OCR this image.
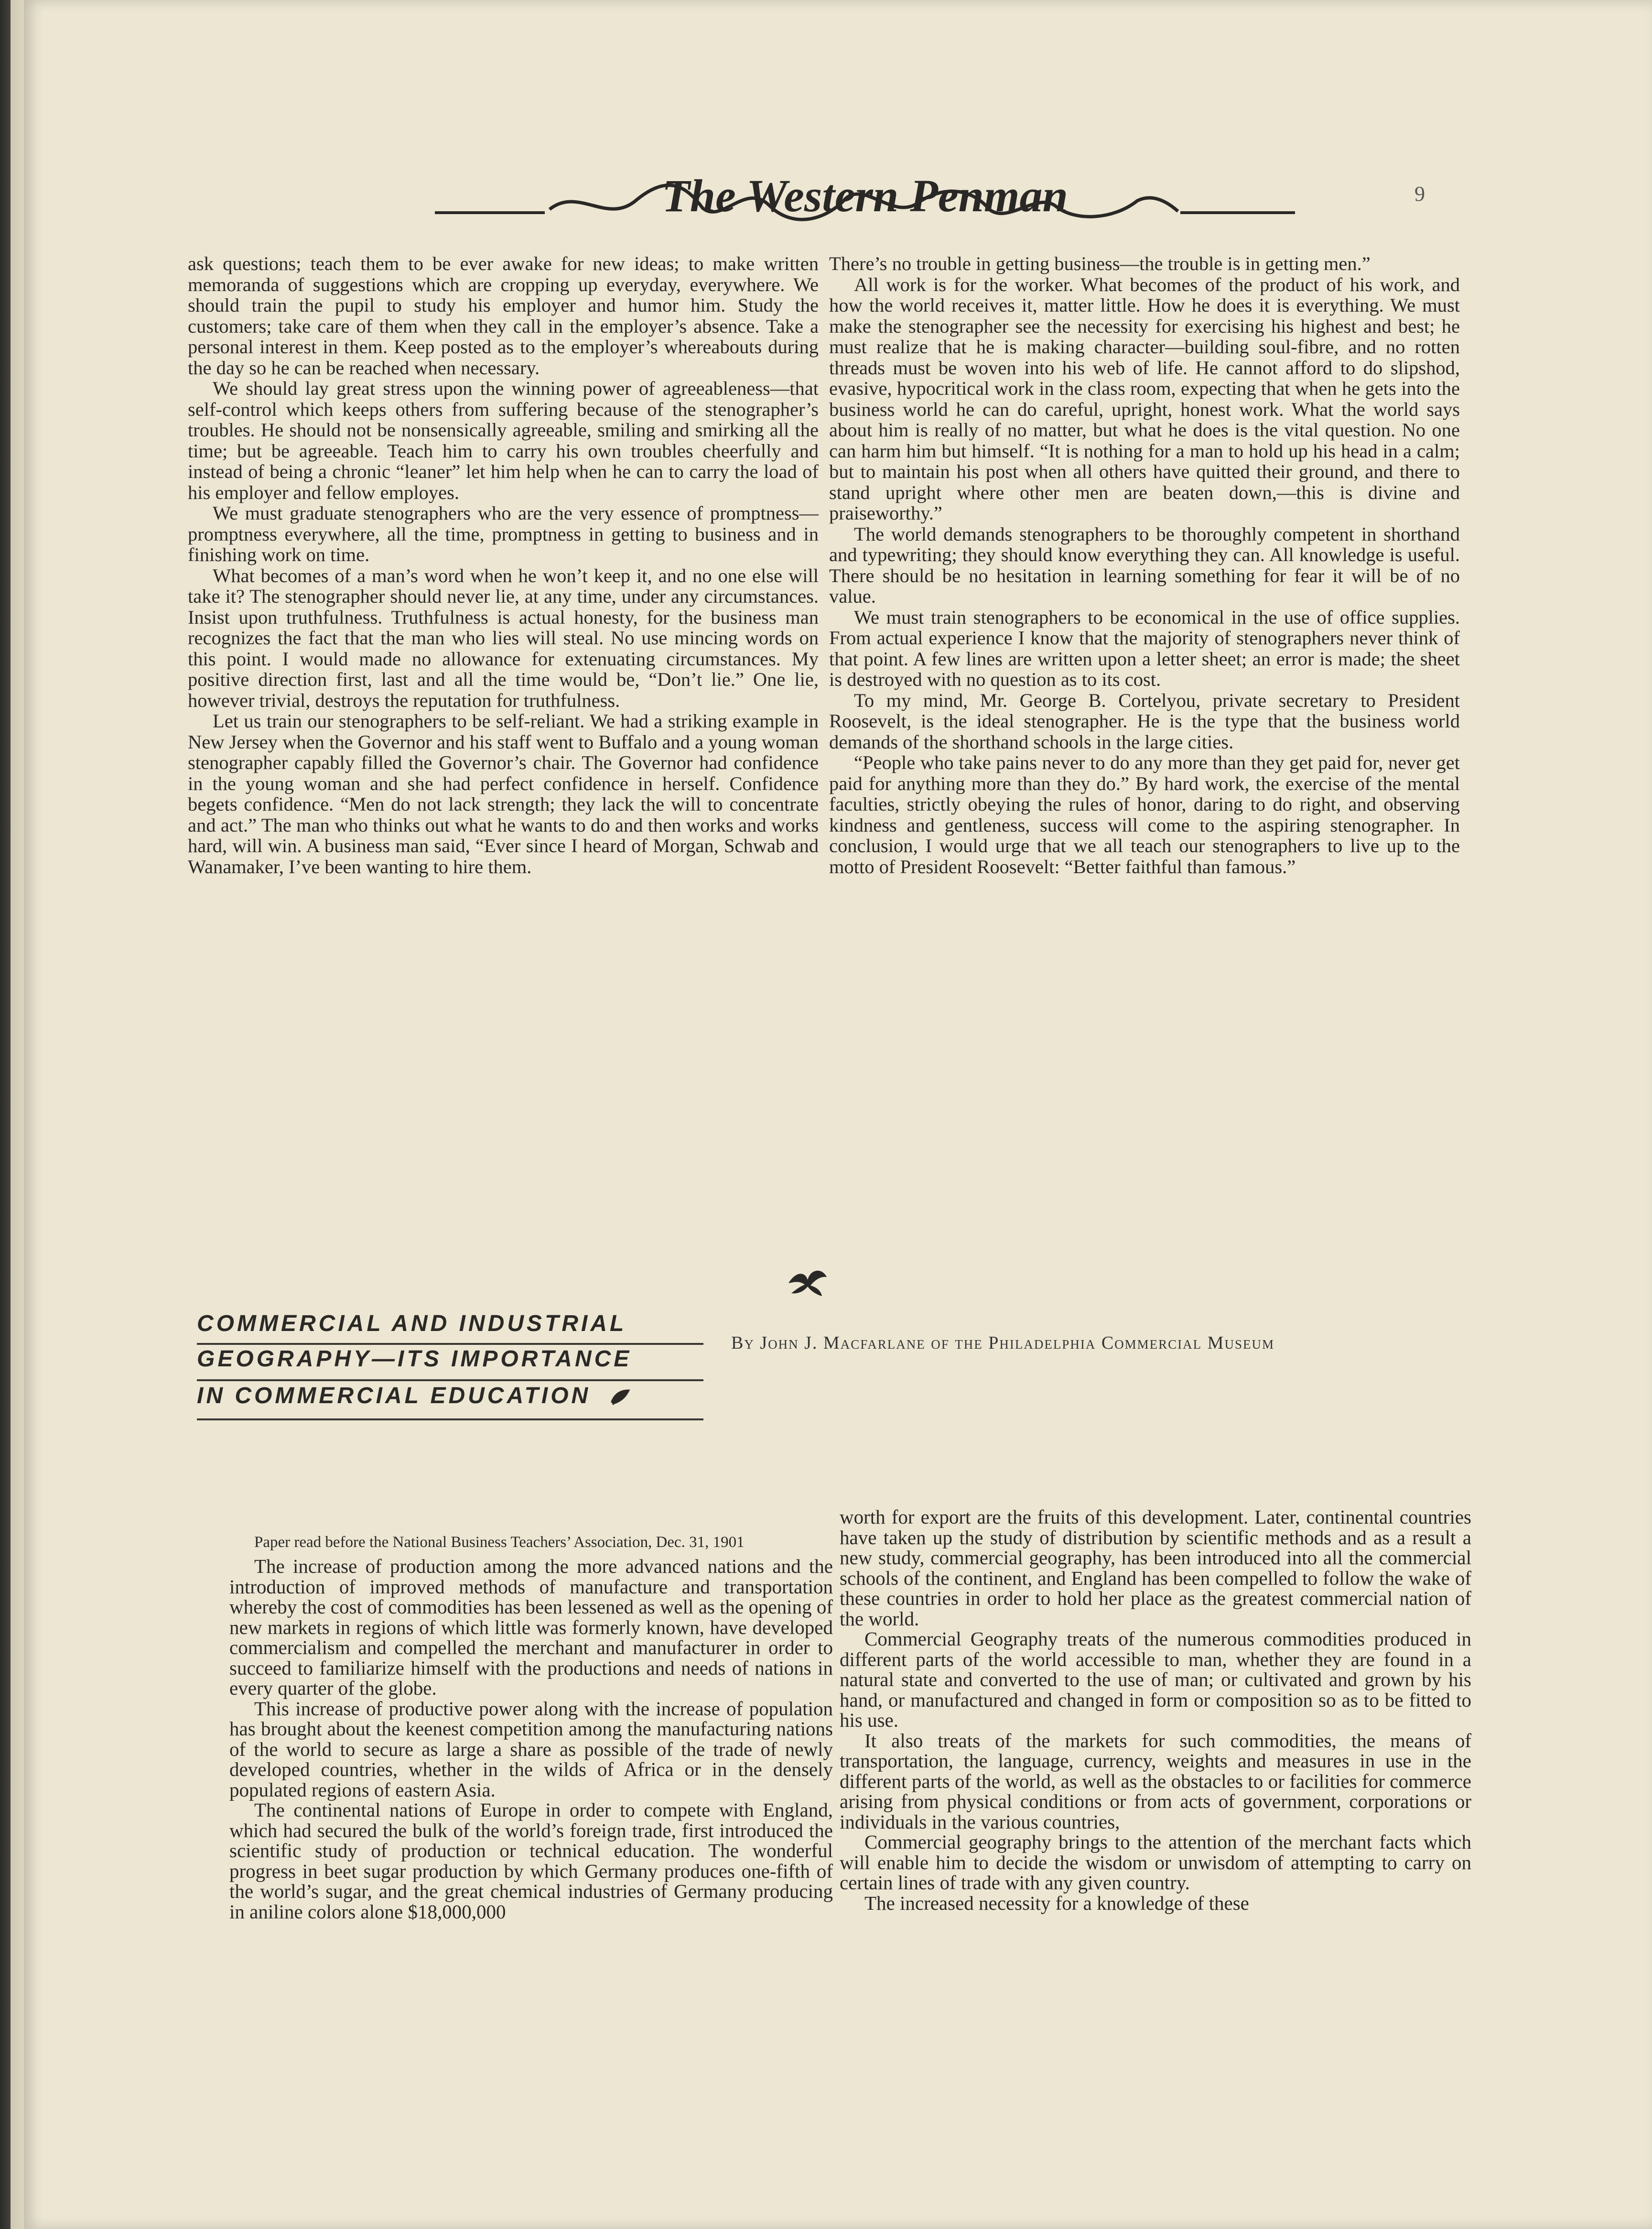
The Western Penman	9

ask questions; teach them to be ever awake for new ideas; to make written memoranda of suggestions which are cropping up everyday, everywhere. We should train the pupil to study his employer and humor him. Study the customers; take care of them when they call in the employer’s absence. Take a personal interest in them. Keep posted as to the employer’s whereabouts during the day so he can be reached when necessary.

We should lay great stress upon the winning power of agreeableness—that self-control which keeps others from suffering because of the stenographer’s troubles. He should not be nonsensically agreeable, smiling and smirking all the time; but be agreeable. Teach him to carry his own troubles cheerfully and instead of being a chronic “leaner” let him help when he can to carry the load of his employer and fellow employes.

We must graduate stenographers who are the very essence of promptness—promptness everywhere, all the time, promptness in getting to business and in finishing work on time.

What becomes of a man’s word when he won’t keep it, and no one else will take it? The stenographer should never lie, at any time, under any circumstances. Insist upon truthfulness. Truthfulness is actual honesty, for the business man recognizes the fact that the man who lies will steal. No use mincing words on this point. I would made no allowance for extenuating circumstances. My positive direction first, last and all the time would be, “Don’t lie.” One lie, however trivial, destroys the reputation for truthfulness.

Let us train our stenographers to be self-reliant. We had a striking example in New Jersey when the Governor and his staff went to Buffalo and a young woman stenographer capably filled the Governor’s chair. The Governor had confidence in the young woman and she had perfect confidence in herself. Confidence begets confidence. “Men do not lack strength; they lack the will to concentrate and act.” The man who thinks out what he wants to do and then works and works hard, will win. A business man said, “Ever since I heard of Morgan, Schwab and Wanamaker, I’ve been wanting to hire them.

There’s no trouble in getting business—the trouble is in getting men.”

All work is for the worker. What becomes of the product of his work, and how the world receives it, matter little. How he does it is everything. We must make the stenographer see the necessity for exercising his highest and best; he must realize that he is making character—building soul-fibre, and no rotten threads must be woven into his web of life. He cannot afford to do slipshod, evasive, hypocritical work in the class room, expecting that when he gets into the business world he can do careful, upright, honest work. What the world says about him is really of no matter, but what he does is the vital question. No one can harm him but himself. “It is nothing for a man to hold up his head in a calm; but to maintain his post when all others have quitted their ground, and there to stand upright where other men are beaten down,—this is divine and praiseworthy.”

The world demands stenographers to be thoroughly competent in shorthand and typewriting; they should know everything they can. All knowledge is useful. There should be no hesitation in learning something for fear it will be of no value.

We must train stenographers to be economical in the use of office supplies. From actual experience I know that the majority of stenographers never think of that point. A few lines are written upon a letter sheet; an error is made; the sheet is destroyed with no question as to its cost.

To my mind, Mr. George B. Cortelyou, private secretary to President Roosevelt, is the ideal stenographer. He is the type that the business world demands of the shorthand schools in the large cities.

“People who take pains never to do any more than they get paid for, never get paid for anything more than they do.” By hard work, the exercise of the mental faculties, strictly obeying the rules of honor, daring to do right, and observing kindness and gentleness, success will come to the aspiring stenographer. In conclusion, I would urge that we all teach our stenographers to live up to the motto of President Roosevelt: “Better faithful than famous.”

COMMERCIAL AND INDUSTRIAL
GEOGRAPHY—ITS IMPORTANCE
IN COMMERCIAL EDUCATION
By John J. Macfarlane of the Philadelphia Commercial Museum

Paper read before the National Business Teachers’ Association, Dec. 31, 1901

The increase of production among the more advanced nations and the introduction of improved methods of manufacture and transportation whereby the cost of commodities has been lessened as well as the opening of new markets in regions of which little was formerly known, have developed commercialism and compelled the merchant and manufacturer in order to succeed to familiarize himself with the productions and needs of nations in every quarter of the globe.

This increase of productive power along with the increase of population has brought about the keenest competition among the manufacturing nations of the world to secure as large a share as possible of the trade of newly developed countries, whether in the wilds of Africa or in the densely populated regions of eastern Asia.

The continental nations of Europe in order to compete with England, which had secured the bulk of the world’s foreign trade, first introduced the scientific study of production or technical education. The wonderful progress in beet sugar production by which Germany produces one-fifth of the world’s sugar, and the great chemical industries of Germany producing in aniline colors alone $18,000,000

worth for export are the fruits of this development. Later, continental countries have taken up the study of distribution by scientific methods and as a result a new study, commercial geography, has been introduced into all the commercial schools of the continent, and England has been compelled to follow the wake of these countries in order to hold her place as the greatest commercial nation of the world.

Commercial Geography treats of the numerous commodities produced in different parts of the world accessible to man, whether they are found in a natural state and converted to the use of man; or cultivated and grown by his hand, or manufactured and changed in form or composition so as to be fitted to his use.

It also treats of the markets for such commodities, the means of transportation, the language, currency, weights and measures in use in the different parts of the world, as well as the obstacles to or facilities for commerce arising from physical conditions or from acts of government, corporations or individuals in the various countries,

Commercial geography brings to the attention of the merchant facts which will enable him to decide the wisdom or unwisdom of attempting to carry on certain lines of trade with any given country.

The increased necessity for a knowledge of these
